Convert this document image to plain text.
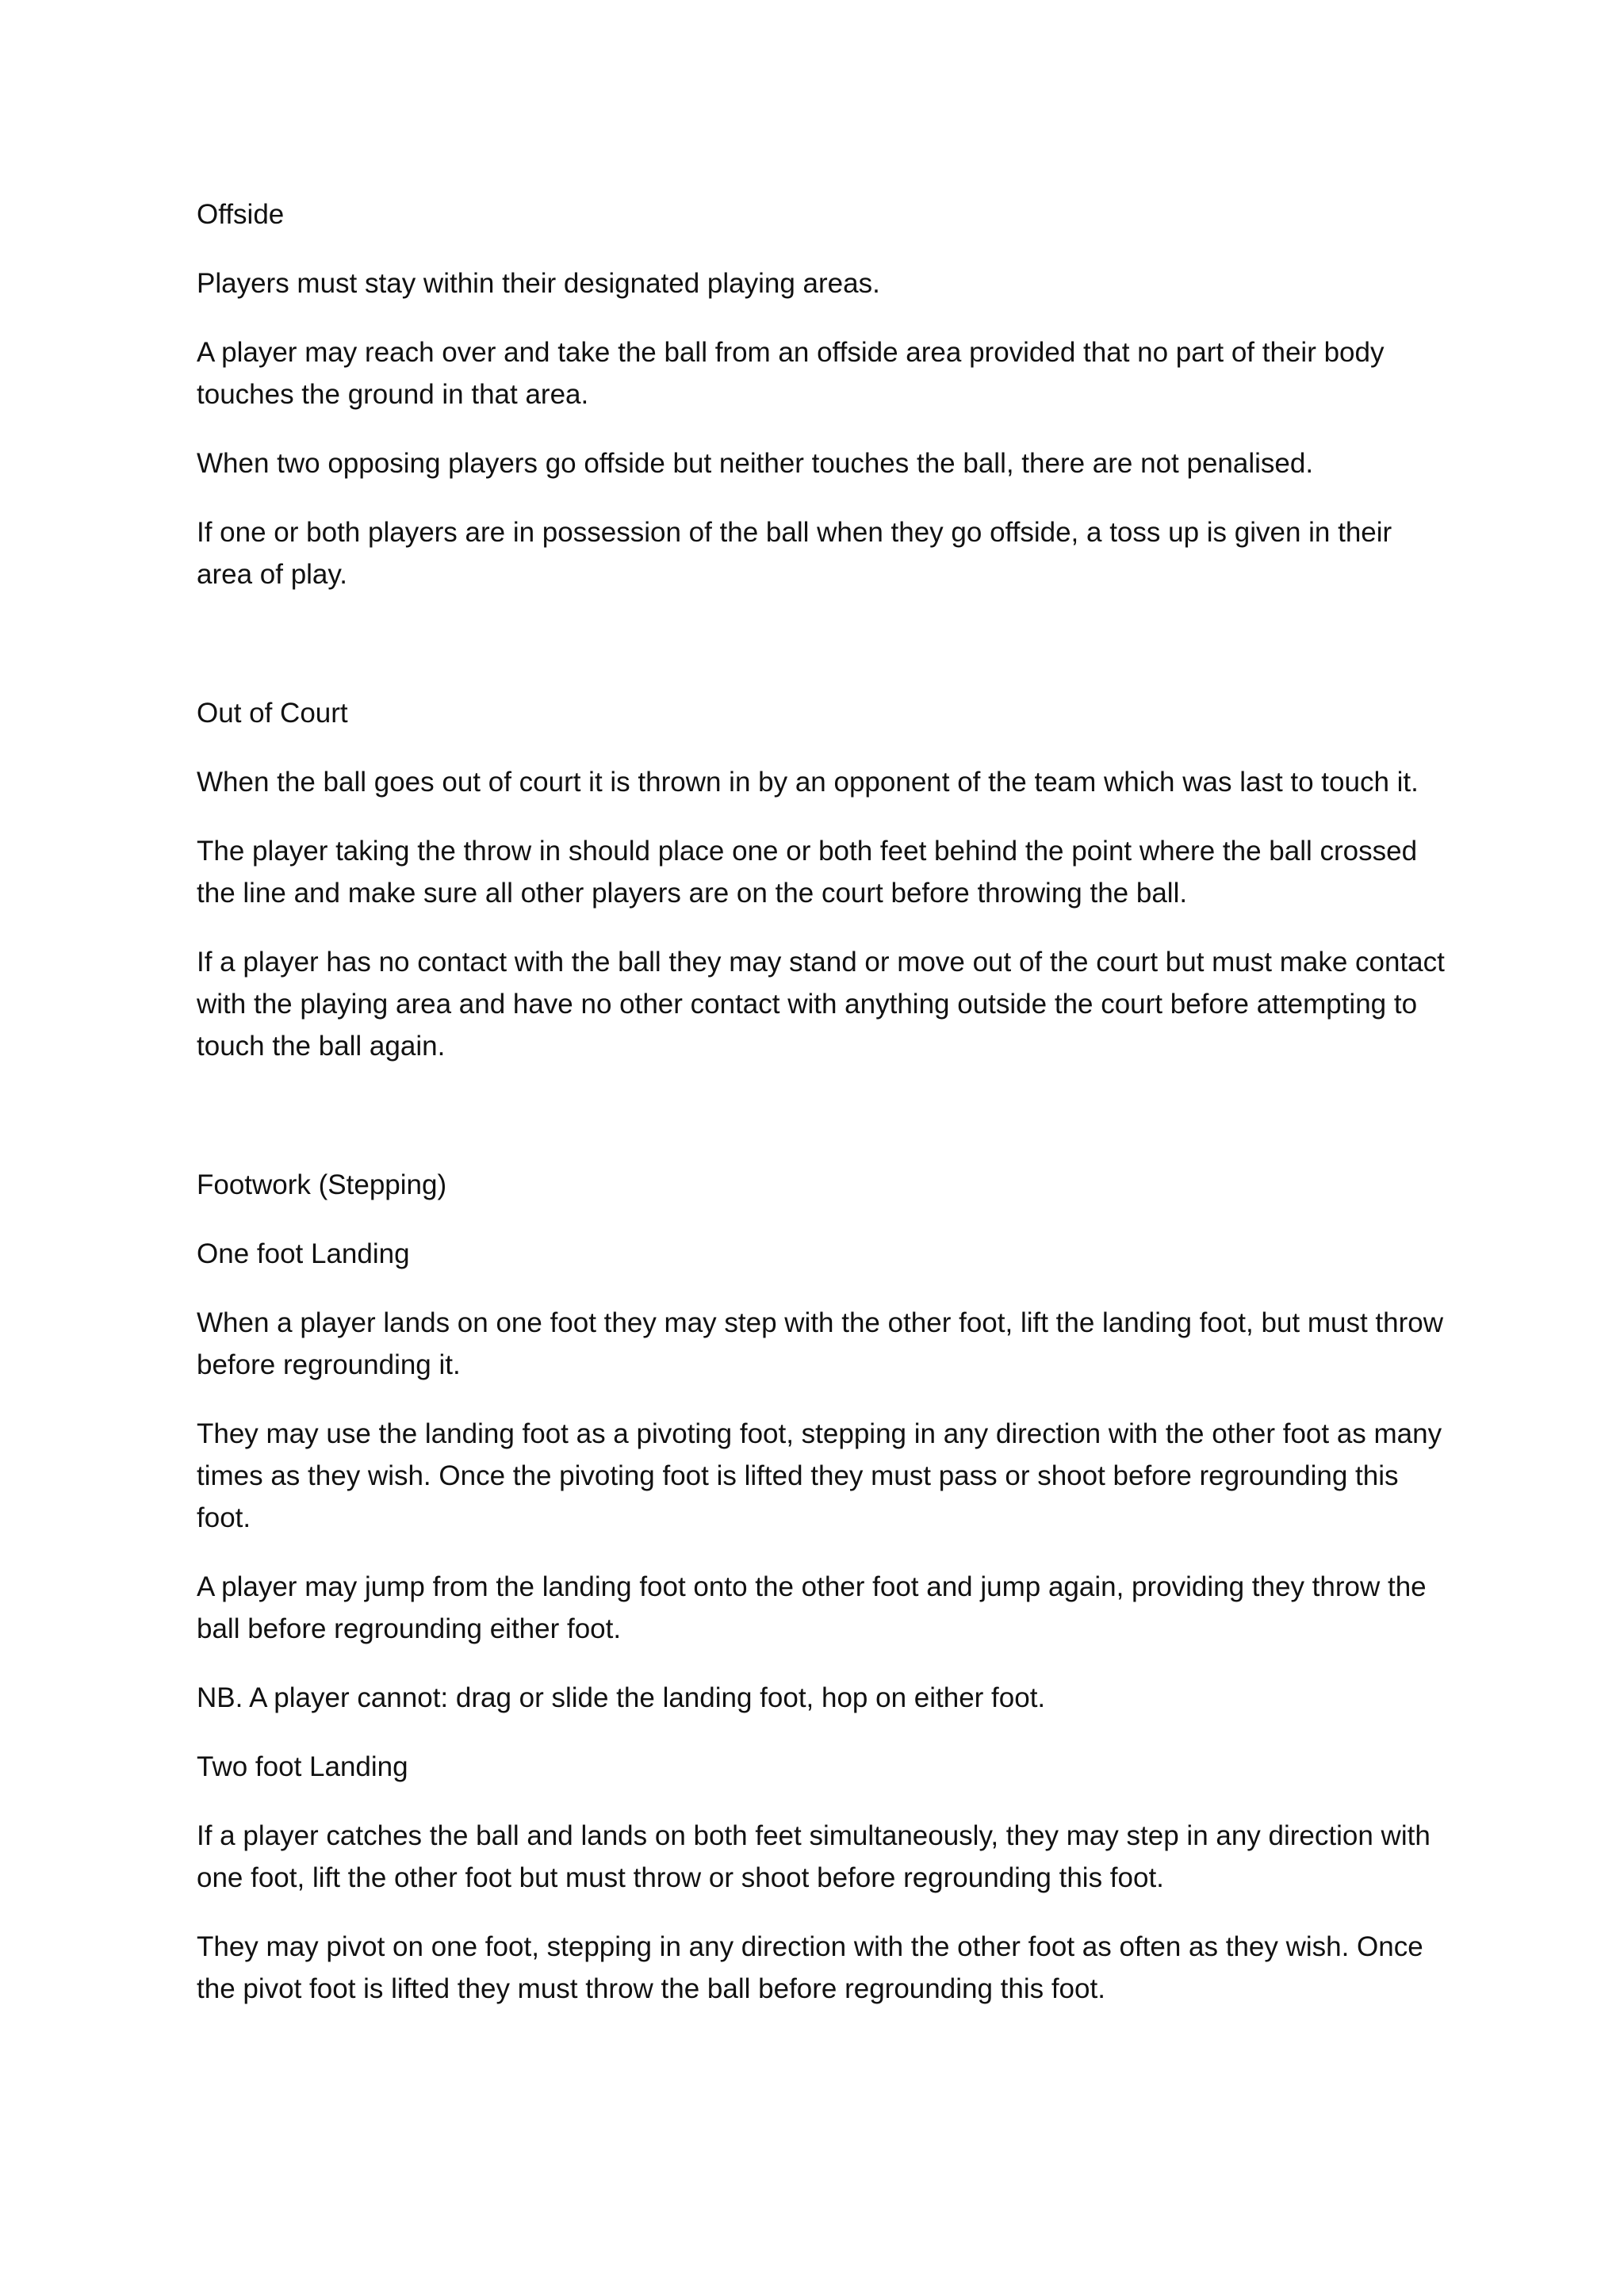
Offside

Players must stay within their designated playing areas.

A player may reach over and take the ball from an offside area provided that no part of their body touches the ground in that area.

When two opposing players go offside but neither touches the ball, there are not penalised.

If one or both players are in possession of the ball when they go offside, a toss up is given in their area of play.

Out of Court

When the ball goes out of court it is thrown in by an opponent of the team which was last to touch it.

The player taking the throw in should place one or both feet behind the point where the ball crossed the line and make sure all other players are on the court before throwing the ball.

If a player has no contact with the ball they may stand or move out of the court but must make contact with the playing area and have no other contact with anything outside the court before attempting to touch the ball again.

Footwork (Stepping)

One foot Landing

When a player lands on one foot they may step with the other foot, lift the landing foot, but must throw before regrounding it.

They may use the landing foot as a pivoting foot, stepping in any direction with the other foot as many times as they wish. Once the pivoting foot is lifted they must pass or shoot before regrounding this foot.

A player may jump from the landing foot onto the other foot and jump again, providing they throw the ball before regrounding either foot.

NB. A player cannot: drag or slide the landing foot, hop on either foot.

Two foot Landing

If a player catches the ball and lands on both feet simultaneously, they may step in any direction with one foot, lift the other foot but must throw or shoot before regrounding this foot.

They may pivot on one foot, stepping in any direction with the other foot as often as they wish. Once the pivot foot is lifted they must throw the ball before regrounding this foot.
